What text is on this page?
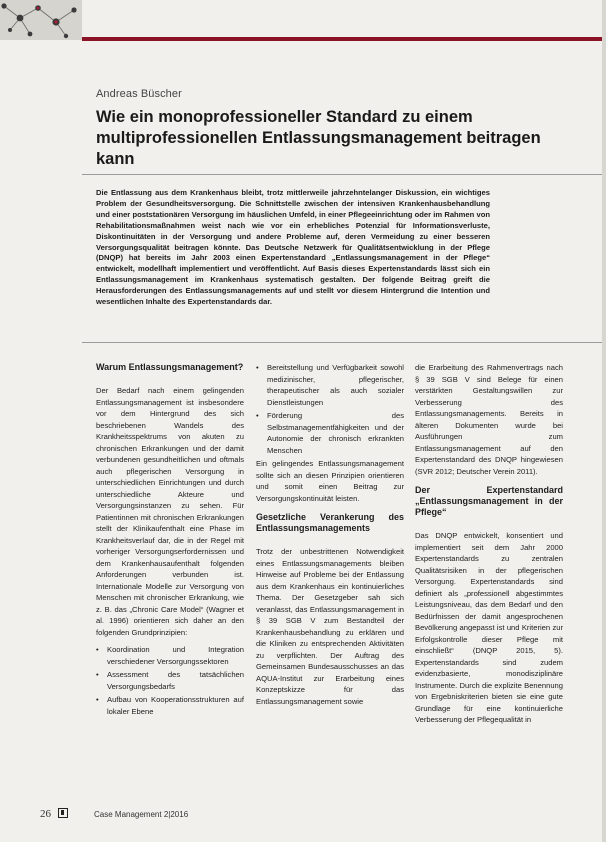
Andreas Büscher
Wie ein monoprofessioneller Standard zu einem multiprofessionellen Entlassungsmanagement beitragen kann

Die Entlassung aus dem Krankenhaus bleibt, trotz mittlerweile jahrzehntelanger Diskussion, ein wichtiges Problem der Gesundheitsversorgung. Die Schnittstelle zwischen der intensiven Krankenhausbehandlung und einer poststationären Versorgung im häuslichen Umfeld, in einer Pflegeeinrichtung oder im Rahmen von Rehabilitationsmaßnahmen weist nach wie vor ein erhebliches Potenzial für Informationsverluste, Diskontinuitäten in der Versorgung und andere Probleme auf, deren Vermeidung zu einer besseren Versorgungsqualität beitragen könnte. Das Deutsche Netzwerk für Qualitätsentwicklung in der Pflege (DNQP) hat bereits im Jahr 2003 einen Expertenstandard „Entlassungsmanagement in der Pflege“ entwickelt, modellhaft implementiert und veröffentlicht. Auf Basis dieses Expertenstandards lässt sich ein Entlassungsmanagement im Krankenhaus systematisch gestalten. Der folgende Beitrag greift die Herausforderungen des Entlassungsmanagements auf und stellt vor diesem Hintergrund die Intention und wesentlichen Inhalte des Expertenstandards dar.

Warum Entlassungsmanagement?

Der Bedarf nach einem gelingenden Entlassungsmanagement ist insbesondere vor dem Hintergrund des sich beschriebenen Wandels des Krankheitsspektrums von akuten zu chronischen Erkrankungen und der damit verbundenen gesundheitlichen und oftmals auch pflegerischen Versorgung in unterschiedlichen Einrichtungen und durch unterschiedliche Akteure und Versorgungsinstanzen zu sehen. Für Patientinnen mit chronischen Erkrankungen stellt der Klinikaufenthalt eine Phase im Krankheitsverlauf dar, die in der Regel mit vorheriger Versorgungserfordernissen und dem Krankenhausaufenthalt folgenden Anforderungen verbunden ist. Internationale Modelle zur Versorgung von Menschen mit chronischer Erkrankung, wie z. B. das „Chronic Care Model“ (Wagner et al. 1996) orientieren sich daher an den folgenden Grundprinzipien:

• Koordination und Integration verschiedener Versorgungssektoren
• Assessment des tatsächlichen Versorgungsbedarfs
• Aufbau von Kooperationsstrukturen auf lokaler Ebene
• Bereitstellung und Verfügbarkeit sowohl medizinischer, pflegerischer, therapeutischer als auch sozialer Dienstleistungen
• Förderung des Selbstmanagementfähigkeiten und der Autonomie der chronisch erkrankten Menschen

Ein gelingendes Entlassungsmanagement sollte sich an diesen Prinzipien orientieren und somit einen Beitrag zur Versorgungskontinuität leisten.

Gesetzliche Verankerung des Entlassungsmanagements

Trotz der unbestrittenen Notwendigkeit eines Entlassungsmanagements bleiben Hinweise auf Probleme bei der Entlassung aus dem Krankenhaus ein kontinuierliches Thema. Der Gesetzgeber sah sich veranlasst, das Entlassungsmanagement in § 39 SGB V zum Bestandteil der Krankenhausbehandlung zu erklären und die Kliniken zu entsprechenden Aktivitäten zu verpflichten. Der Auftrag des Gemeinsamen Bundesausschusses an das AQUA-Institut zur Erarbeitung eines Konzeptskizze für das Entlassungsmanagement sowie

die Erarbeitung des Rahmenvertrags nach § 39 SGB V sind Belege für einen verstärkten Gestaltungswillen zur Verbesserung des Entlassungsmanagements. Bereits in älteren Dokumenten wurde bei Ausführungen zum Entlassungsmanagement auf den Expertenstandard des DNQP hingewiesen (SVR 2012; Deutscher Verein 2011).

Der Expertenstandard „Entlassungsmanagement in der Pflege“

Das DNQP entwickelt, konsentiert und implementiert seit dem Jahr 2000 Expertenstandards zu zentralen Qualitätsrisiken in der pflegerischen Versorgung. Expertenstandards sind definiert als „professionell abgestimmtes Leistungsniveau, das dem Bedarf und den Bedürfnissen der damit angesprochenen Bevölkerung angepasst ist und Kriterien zur Erfolgskontrolle dieser Pflege mit einschließt“ (DNQP 2015, 5). Expertenstandards sind zudem evidenzbasierte, monodisziplinäre Instrumente. Durch die explizite Benennung von Ergebniskriterien bieten sie eine gute Grundlage für eine kontinuierliche Verbesserung der Pflegequalität in

26	Case Management 2|2016
